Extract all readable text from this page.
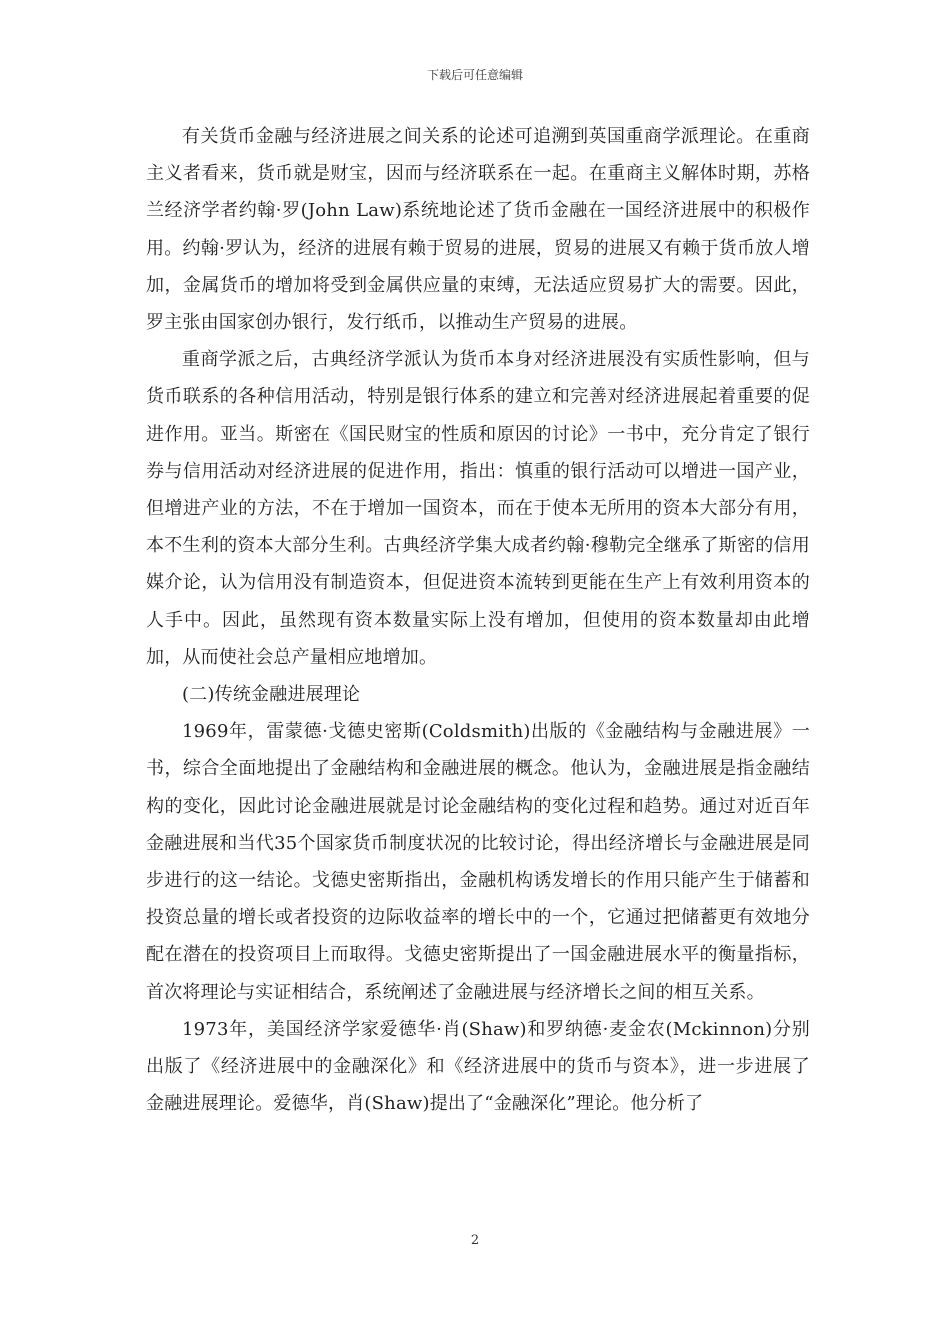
下载后可任意编辑

有关货币金融与经济进展之间关系的论述可追溯到英国重商学派理论。在重商主义者看来，货币就是财宝，因而与经济联系在一起。在重商主义解体时期，苏格兰经济学者约翰·罗(John Law)系统地论述了货币金融在一国经济进展中的积极作用。约翰·罗认为，经济的进展有赖于贸易的进展，贸易的进展又有赖于货币放人增加，金属货币的增加将受到金属供应量的束缚，无法适应贸易扩大的需要。因此，罗主张由国家创办银行，发行纸币，以推动生产贸易的进展。

重商学派之后，古典经济学派认为货币本身对经济进展没有实质性影响，但与货币联系的各种信用活动，特别是银行体系的建立和完善对经济进展起着重要的促进作用。亚当。斯密在《国民财宝的性质和原因的讨论》一书中，充分肯定了银行券与信用活动对经济进展的促进作用，指出：慎重的银行活动可以增进一国产业，但增进产业的方法，不在于增加一国资本，而在于使本无所用的资本大部分有用，本不生利的资本大部分生利。古典经济学集大成者约翰·穆勒完全继承了斯密的信用媒介论，认为信用没有制造资本，但促进资本流转到更能在生产上有效利用资本的人手中。因此，虽然现有资本数量实际上没有增加，但使用的资本数量却由此增加，从而使社会总产量相应地增加。

(二)传统金融进展理论

1969年，雷蒙德·戈德史密斯(Coldsmith)出版的《金融结构与金融进展》一书，综合全面地提出了金融结构和金融进展的概念。他认为，金融进展是指金融结构的变化，因此讨论金融进展就是讨论金融结构的变化过程和趋势。通过对近百年金融进展和当代35个国家货币制度状况的比较讨论，得出经济增长与金融进展是同步进行的这一结论。戈德史密斯指出，金融机构诱发增长的作用只能产生于储蓄和投资总量的增长或者投资的边际收益率的增长中的一个，它通过把储蓄更有效地分配在潜在的投资项目上而取得。戈德史密斯提出了一国金融进展水平的衡量指标，首次将理论与实证相结合，系统阐述了金融进展与经济增长之间的相互关系。

1973年，美国经济学家爱德华·肖(Shaw)和罗纳德·麦金农(Mckinnon)分别出版了《经济进展中的金融深化》和《经济进展中的货币与资本》，进一步进展了金融进展理论。爱德华，肖(Shaw)提出了“金融深化”理论。他分析了

2
